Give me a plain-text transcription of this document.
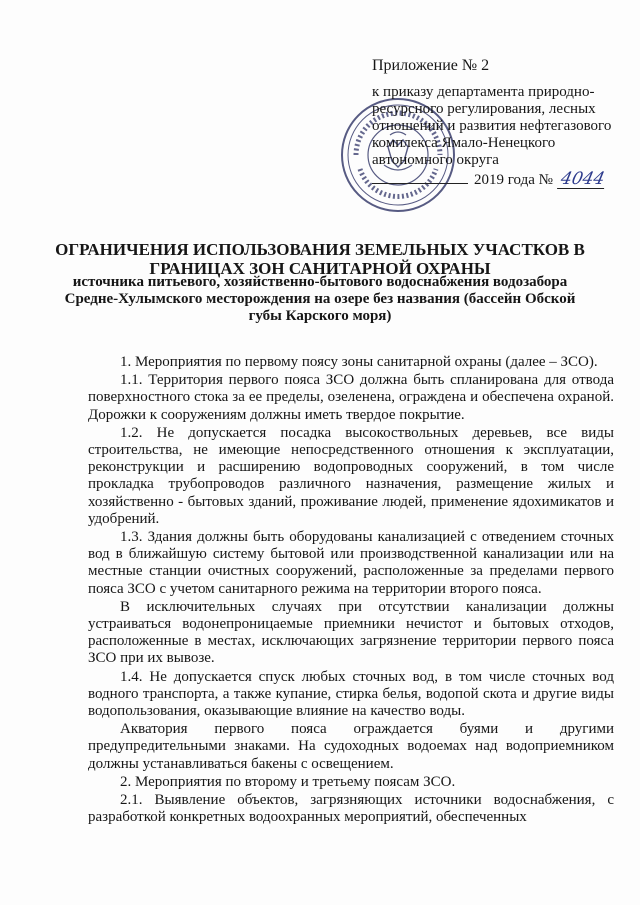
Приложение № 2
к приказу департамента природно-
ресурсного регулирования, лесных
отношений и развития нефтегазового
комплекса Ямало-Ненецкого
автономного округа
2019 года № 4044
ОГРАНИЧЕНИЯ ИСПОЛЬЗОВАНИЯ ЗЕМЕЛЬНЫХ УЧАСТКОВ В
ГРАНИЦАХ ЗОН САНИТАРНОЙ ОХРАНЫ
источника питьевого, хозяйственно-бытового водоснабжения водозабора
Средне-Хулымского месторождения на озере без названия (бассейн Обской
губы Карского моря)

1. Мероприятия по первому поясу зоны санитарной охраны (далее – ЗСО).

1.1. Территория первого пояса ЗСО должна быть спланирована для отвода поверхностного стока за ее пределы, озеленена, ограждена и обеспечена охраной. Дорожки к сооружениям должны иметь твердое покрытие.

1.2. Не допускается посадка высокоствольных деревьев, все виды строительства, не имеющие непосредственного отношения к эксплуатации, реконструкции и расширению водопроводных сооружений, в том числе прокладка трубопроводов различного назначения, размещение жилых и хозяйственно - бытовых зданий, проживание людей, применение ядохимикатов и удобрений.

1.3. Здания должны быть оборудованы канализацией с отведением сточных вод в ближайшую систему бытовой или производственной канализации или на местные станции очистных сооружений, расположенные за пределами первого пояса ЗСО с учетом санитарного режима на территории второго пояса.

В исключительных случаях при отсутствии канализации должны устраиваться водонепроницаемые приемники нечистот и бытовых отходов, расположенные в местах, исключающих загрязнение территории первого пояса ЗСО при их вывозе.

1.4. Не допускается спуск любых сточных вод, в том числе сточных вод водного транспорта, а также купание, стирка белья, водопой скота и другие виды водопользования, оказывающие влияние на качество воды.

Акватория первого пояса ограждается буями и другими предупредительными знаками. На судоходных водоемах над водоприемником должны устанавливаться бакены с освещением.

2. Мероприятия по второму и третьему поясам ЗСО.

2.1. Выявление объектов, загрязняющих источники водоснабжения, с разработкой конкретных водоохранных мероприятий, обеспеченных
